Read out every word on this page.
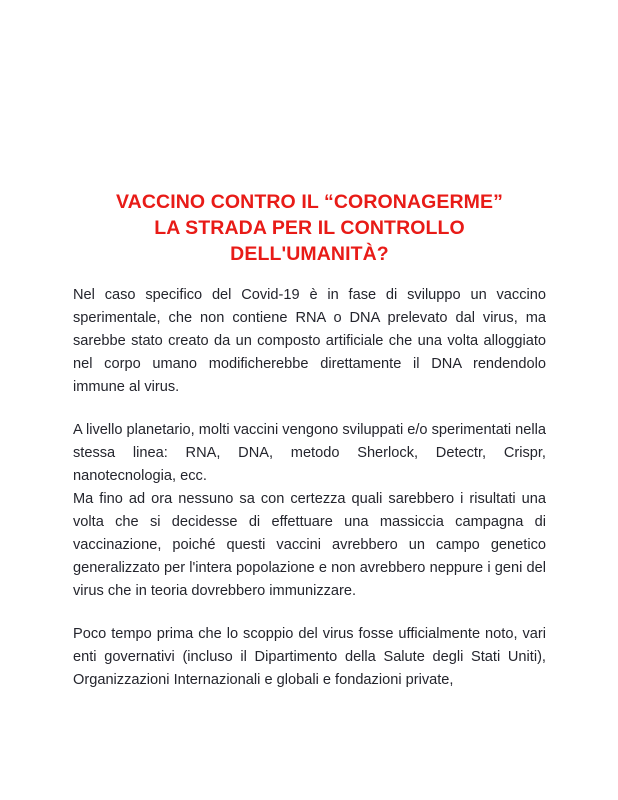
VACCINO CONTRO IL “CORONAGERME”
LA STRADA PER IL CONTROLLO
DELL'UMANITÀ?

Nel caso specifico del Covid-19 è in fase di sviluppo un vaccino sperimentale, che non contiene RNA o DNA prelevato dal virus, ma sarebbe stato creato da un composto artificiale che una volta alloggiato nel corpo umano modificherebbe direttamente il DNA rendendolo immune al virus.

A livello planetario, molti vaccini vengono sviluppati e/o sperimentati nella stessa linea: RNA, DNA, metodo Sherlock, Detectr, Crispr, nanotecnologia, ecc.

Ma fino ad ora nessuno sa con certezza quali sarebbero i risultati una volta che si decidesse di effettuare una massiccia campagna di vaccinazione, poiché questi vaccini avrebbero un campo genetico generalizzato per l'intera popolazione e non avrebbero neppure i geni del virus che in teoria dovrebbero immunizzare.

Poco tempo prima che lo scoppio del virus fosse ufficialmente noto, vari enti governativi (incluso il Dipartimento della Salute degli Stati Uniti), Organizzazioni Internazionali e globali e fondazioni private,
